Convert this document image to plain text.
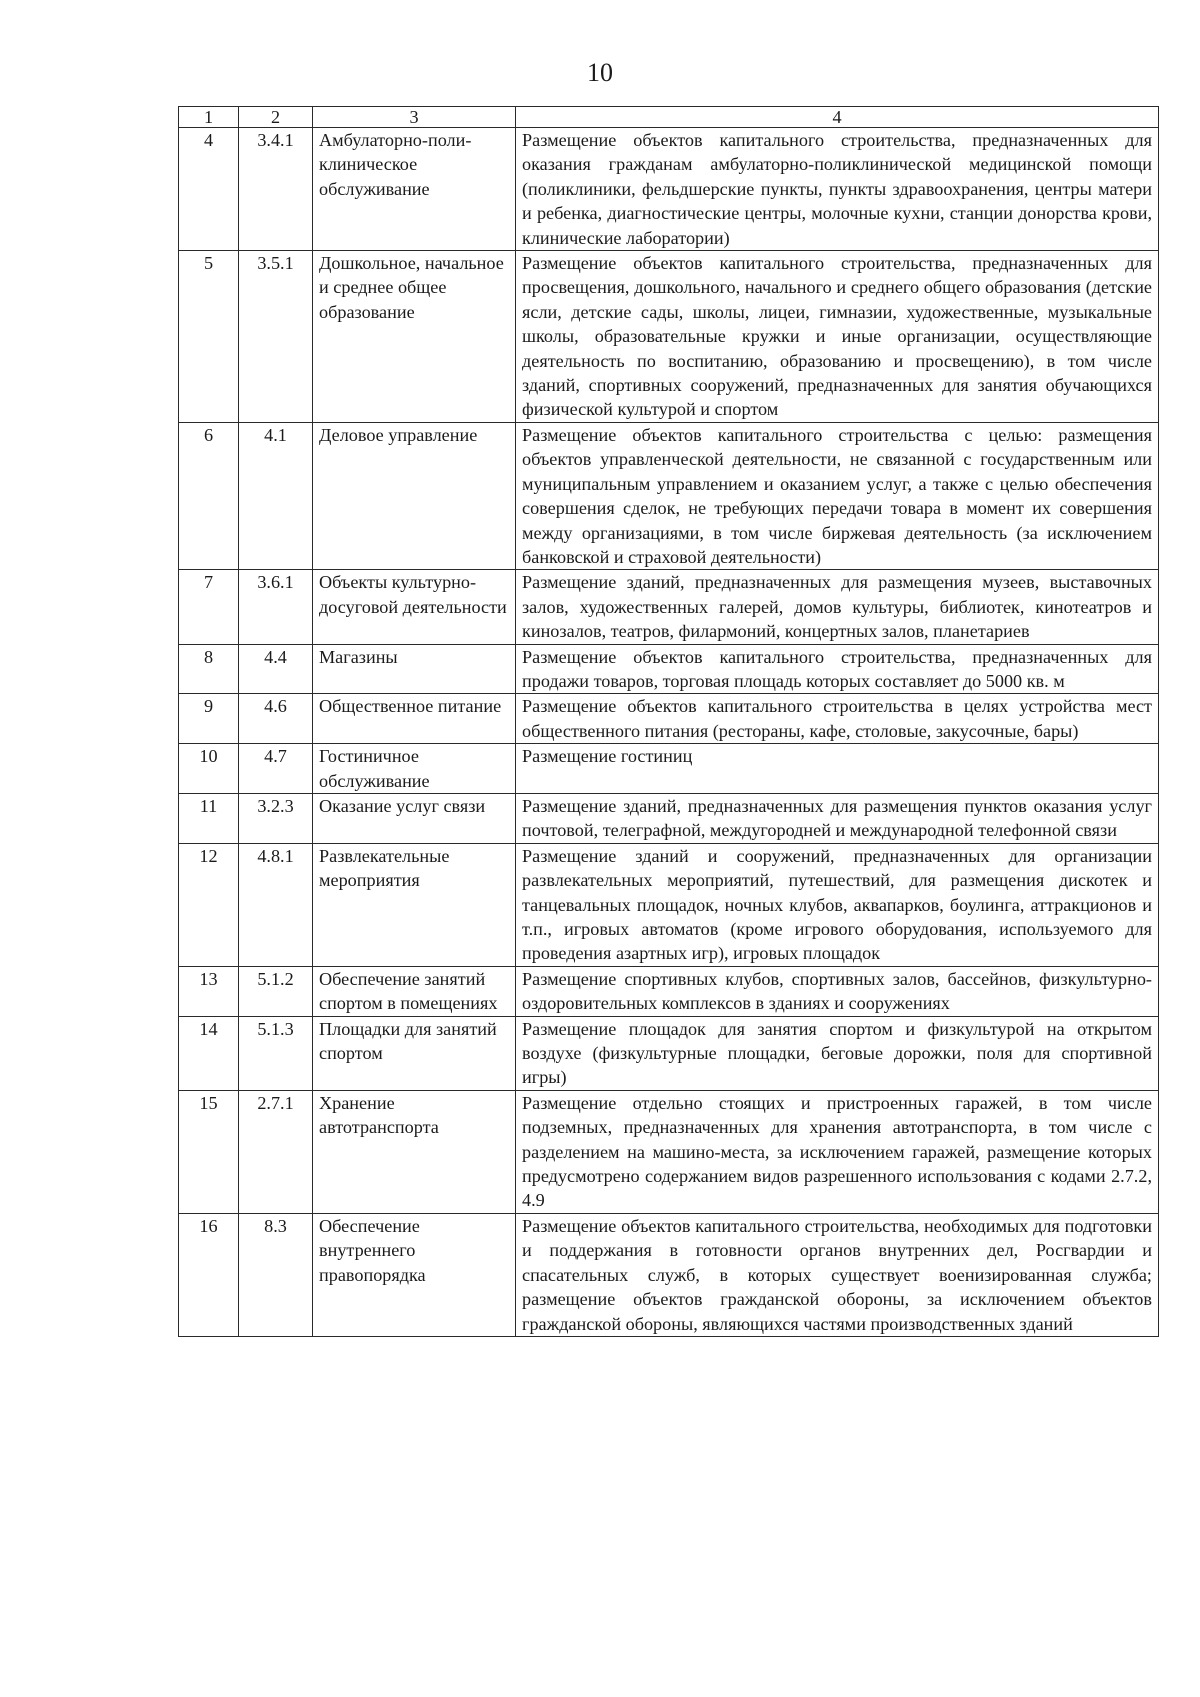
10
1	2	3	4
4	3.4.1	Амбулаторно-поли-клиническое обслуживание	Размещение объектов капитального строительства, предназначенных для оказания гражданам амбулаторно-поликлинической медицинской помощи (поликлиники, фельдшерские пункты, пункты здравоохранения, центры матери и ребенка, диагностические центры, молочные кухни, станции донорства крови, клинические лаборатории)
5	3.5.1	Дошкольное, начальное и среднее общее образование	Размещение объектов капитального строительства, предназначенных для просвещения, дошкольного, начального и среднего общего образования (детские ясли, детские сады, школы, лицеи, гимназии, художественные, музыкальные школы, образовательные кружки и иные организации, осуществляющие деятельность по воспитанию, образованию и просвещению), в том числе зданий, спортивных сооружений, предназначенных для занятия обучающихся физической культурой и спортом
6	4.1	Деловое управление	Размещение объектов капитального строительства с целью: размещения объектов управленческой деятельности, не связанной с государственным или муниципальным управлением и оказанием услуг, а также с целью обеспечения совершения сделок, не требующих передачи товара в момент их совершения между организациями, в том числе биржевая деятельность (за исключением банковской и страховой деятельности)
7	3.6.1	Объекты культурно-досуговой деятельности	Размещение зданий, предназначенных для размещения музеев, выставочных залов, художественных галерей, домов культуры, библиотек, кинотеатров и кинозалов, театров, филармоний, концертных залов, планетариев
8	4.4	Магазины	Размещение объектов капитального строительства, предназначенных для продажи товаров, торговая площадь которых составляет до 5000 кв. м
9	4.6	Общественное питание	Размещение объектов капитального строительства в целях устройства мест общественного питания (рестораны, кафе, столовые, закусочные, бары)
10	4.7	Гостиничное обслуживание	Размещение гостиниц
11	3.2.3	Оказание услуг связи	Размещение зданий, предназначенных для размещения пунктов оказания услуг почтовой, телеграфной, междугородней и международной телефонной связи
12	4.8.1	Развлекательные мероприятия	Размещение зданий и сооружений, предназначенных для организации развлекательных мероприятий, путешествий, для размещения дискотек и танцевальных площадок, ночных клубов, аквапарков, боулинга, аттракционов и т.п., игровых автоматов (кроме игрового оборудования, используемого для проведения азартных игр), игровых площадок
13	5.1.2	Обеспечение занятий спортом в помещениях	Размещение спортивных клубов, спортивных залов, бассейнов, физкультурно-оздоровительных комплексов в зданиях и сооружениях
14	5.1.3	Площадки для занятий спортом	Размещение площадок для занятия спортом и физкультурой на открытом воздухе (физкультурные площадки, беговые дорожки, поля для спортивной игры)
15	2.7.1	Хранение автотранспорта	Размещение отдельно стоящих и пристроенных гаражей, в том числе подземных, предназначенных для хранения автотранспорта, в том числе с разделением на машино-места, за исключением гаражей, размещение которых предусмотрено содержанием видов разрешенного использования с кодами 2.7.2, 4.9
16	8.3	Обеспечение внутреннего правопорядка	Размещение объектов капитального строительства, необходимых для подготовки и поддержания в готовности органов внутренних дел, Росгвардии и спасательных служб, в которых существует военизированная служба; размещение объектов гражданской обороны, за исключением объектов гражданской обороны, являющихся частями производственных зданий
